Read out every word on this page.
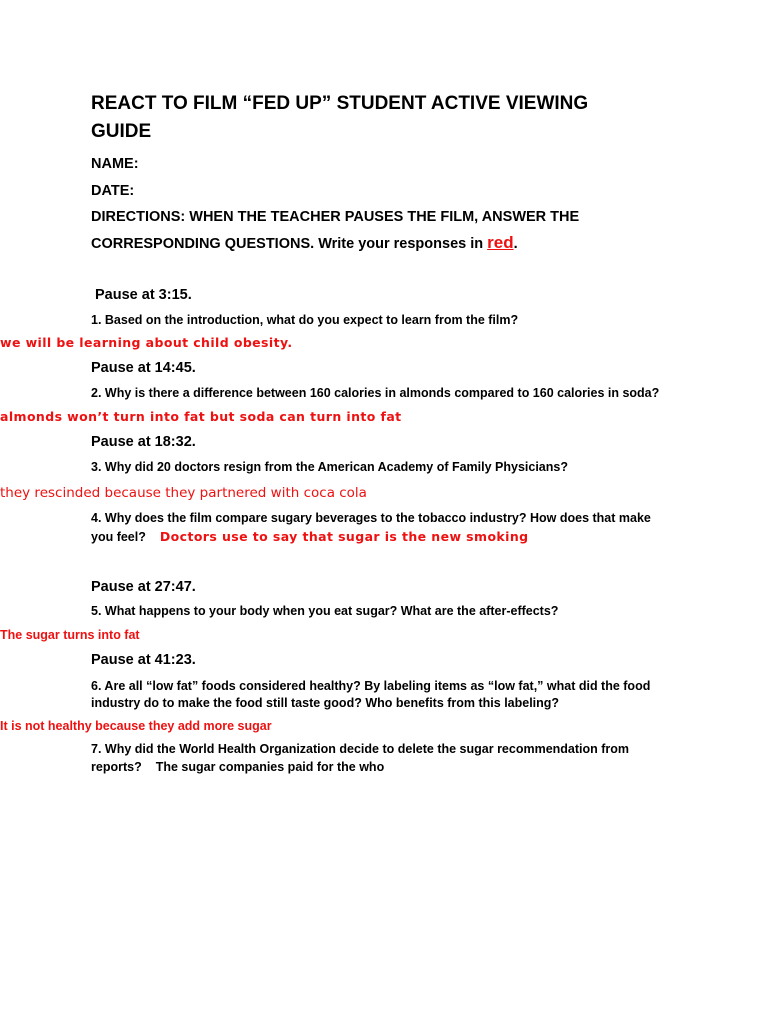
REACT TO FILM “FED UP” STUDENT ACTIVE VIEWING
GUIDE
NAME:
DATE:
DIRECTIONS: WHEN THE TEACHER PAUSES THE FILM, ANSWER THE
CORRESPONDING QUESTIONS. Write your responses in red.
Pause at 3:15.
1. Based on the introduction, what do you expect to learn from the film?
we will be learning about child obesity.
Pause at 14:45.
2. Why is there a difference between 160 calories in almonds compared to 160 calories in soda?
almonds won’t turn into fat but soda can turn into fat
Pause at 18:32.
3. Why did 20 doctors resign from the American Academy of Family Physicians?
they rescinded because they partnered with coca cola
4. Why does the film compare sugary beverages to the tobacco industry? How does that make
you feel? Doctors use to say that sugar is the new smoking
Pause at 27:47.
5. What happens to your body when you eat sugar? What are the after-effects?
The sugar turns into fat
Pause at 41:23.
6. Are all “low fat” foods considered healthy? By labeling items as “low fat,” what did the food
industry do to make the food still taste good? Who benefits from this labeling?
It is not healthy because they add more sugar
7. Why did the World Health Organization decide to delete the sugar recommendation from
reports? The sugar companies paid for the who
